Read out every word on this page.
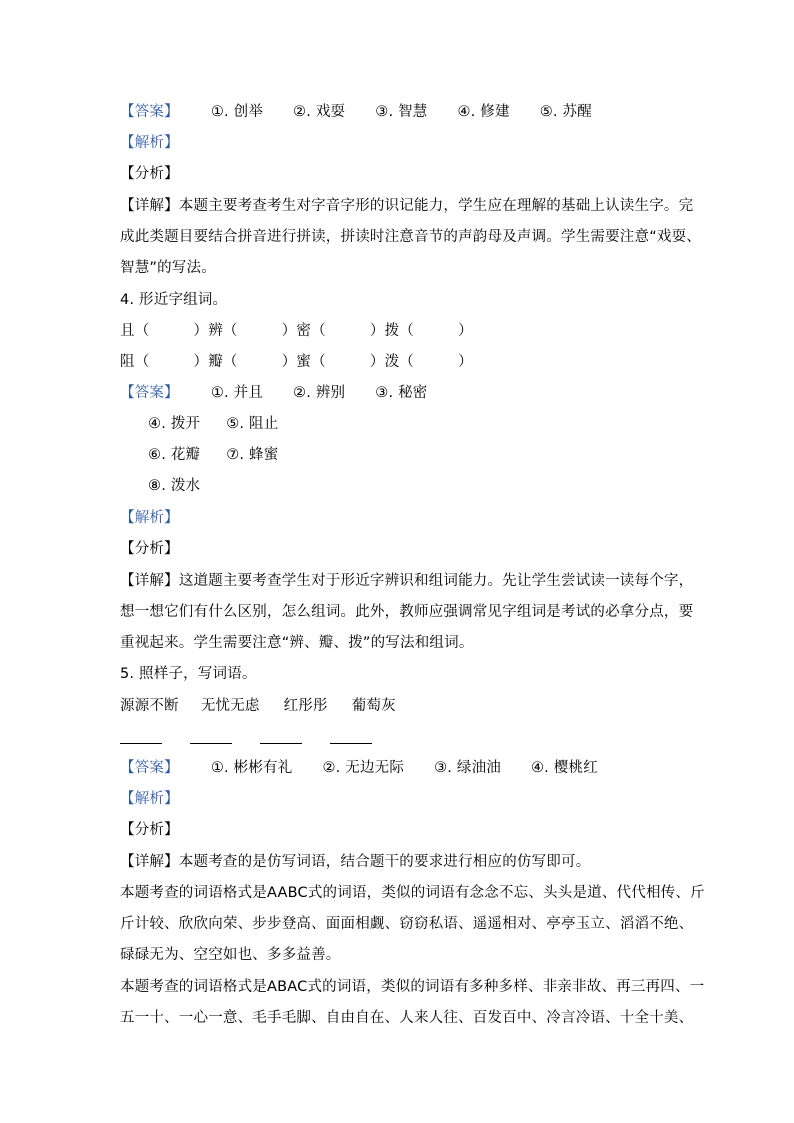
【答案】 ①. 创举 ②. 戏耍 ③. 智慧 ④. 修建 ⑤. 苏醒
【解析】
【分析】
【详解】本题主要考查考生对字音字形的识记能力，学生应在理解的基础上认读生字。完
成此类题目要结合拼音进行拼读，拼读时注意音节的声韵母及声调。学生需要注意“戏耍、
智慧”的写法。
4. 形近字组词。
且（　　　）辨（　　　）密（　　　）拨（　　　）
阻（　　　）瓣（　　　）蜜（　　　）泼（　　　）
【答案】 ①. 并且 ②. 辨别 ③. 秘密
④. 拨开 ⑤. 阻止
⑥. 花瓣 ⑦. 蜂蜜
⑧. 泼水
【解析】
【分析】
【详解】这道题主要考查学生对于形近字辨识和组词能力。先让学生尝试读一读每个字，
想一想它们有什么区别，怎么组词。此外，教师应强调常见字组词是考试的必拿分点，要
重视起来。学生需要注意“辨、瓣、拨”的写法和组词。
5. 照样子，写词语。
源源不断 无忧无虑 红彤彤 葡萄灰
【答案】 ①. 彬彬有礼 ②. 无边无际 ③. 绿油油 ④. 樱桃红
【解析】
【分析】
【详解】本题考查的是仿写词语，结合题干的要求进行相应的仿写即可。
本题考查的词语格式是AABC式的词语，类似的词语有念念不忘、头头是道、代代相传、斤
斤计较、欣欣向荣、步步登高、面面相觑、窃窃私语、遥遥相对、亭亭玉立、滔滔不绝、
碌碌无为、空空如也、多多益善。
本题考查的词语格式是ABAC式的词语，类似的词语有多种多样、非亲非故、再三再四、一
五一十、一心一意、毛手毛脚、自由自在、人来人往、百发百中、冷言冷语、十全十美、
